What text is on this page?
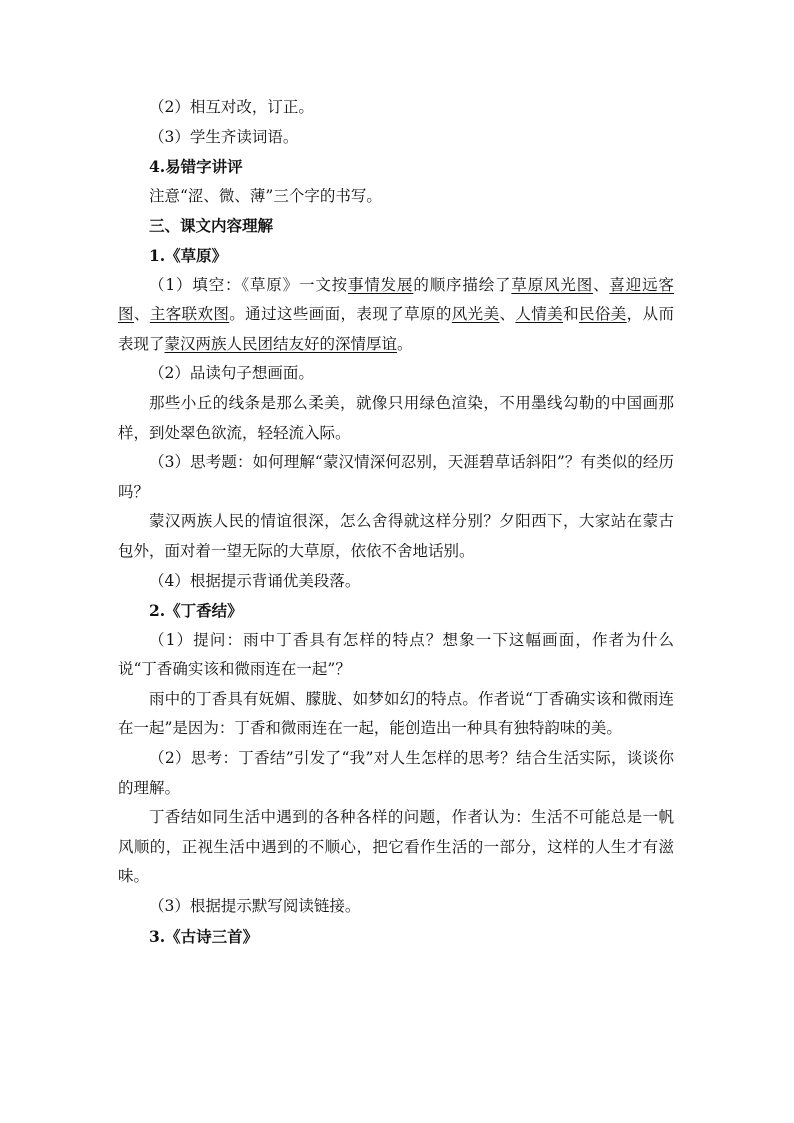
（2）相互对改，订正。

（3）学生齐读词语。

4.易错字讲评

注意“涩、微、薄”三个字的书写。

三、课文内容理解

1.《草原》

（1）填空：《草原》一文按事情发展的顺序描绘了草原风光图、喜迎远客图、主客联欢图。通过这些画面，表现了草原的风光美、人情美和民俗美，从而表现了蒙汉两族人民团结友好的深情厚谊。

（2）品读句子想画面。

那些小丘的线条是那么柔美，就像只用绿色渲染，不用墨线勾勒的中国画那样，到处翠色欲流，轻轻流入际。

（3）思考题：如何理解“蒙汉情深何忍别，天涯碧草话斜阳”？有类似的经历吗？

蒙汉两族人民的情谊很深，怎么舍得就这样分别？夕阳西下，大家站在蒙古包外，面对着一望无际的大草原，依依不舍地话别。

（4）根据提示背诵优美段落。

2.《丁香结》

（1）提问：雨中丁香具有怎样的特点？想象一下这幅画面，作者为什么说“丁香确实该和微雨连在一起”？

雨中的丁香具有妩媚、朦胧、如梦如幻的特点。作者说“丁香确实该和微雨连在一起”是因为：丁香和微雨连在一起，能创造出一种具有独特韵味的美。

（2）思考：丁香结”引发了“我”对人生怎样的思考？结合生活实际，谈谈你的理解。

丁香结如同生活中遇到的各种各样的问题，作者认为：生活不可能总是一帆风顺的，正视生活中遇到的不顺心，把它看作生活的一部分，这样的人生才有滋味。

（3）根据提示默写阅读链接。

3.《古诗三首》
